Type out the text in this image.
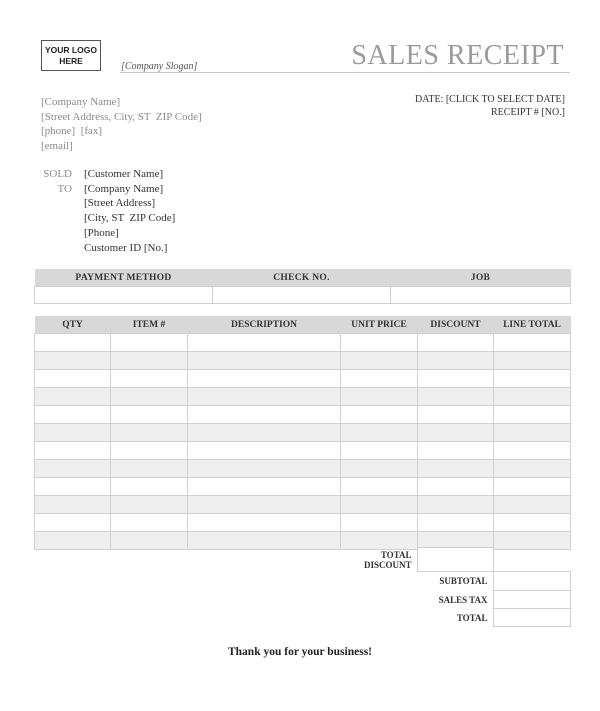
YOUR LOGO
HERE	[Company Slogan]	SALES RECEIPT
[Company Name]
[Street Address, City, ST  ZIP Code]
[phone]  [fax]
[email]
DATE: [CLICK TO SELECT DATE]
RECEIPT # [NO.]
SOLD
TO
[Customer Name]
[Company Name]
[Street Address]
[City, ST  ZIP Code]
[Phone]
Customer ID [No.]
PAYMENT METHOD	CHECK NO.	JOB

QTY	ITEM #	DESCRIPTION	UNIT PRICE	DISCOUNT	LINE TOTAL

	TOTAL
DISCOUNT		

		SUBTOTAL	
		SALES TAX	
		TOTAL	
Thank you for your business!
